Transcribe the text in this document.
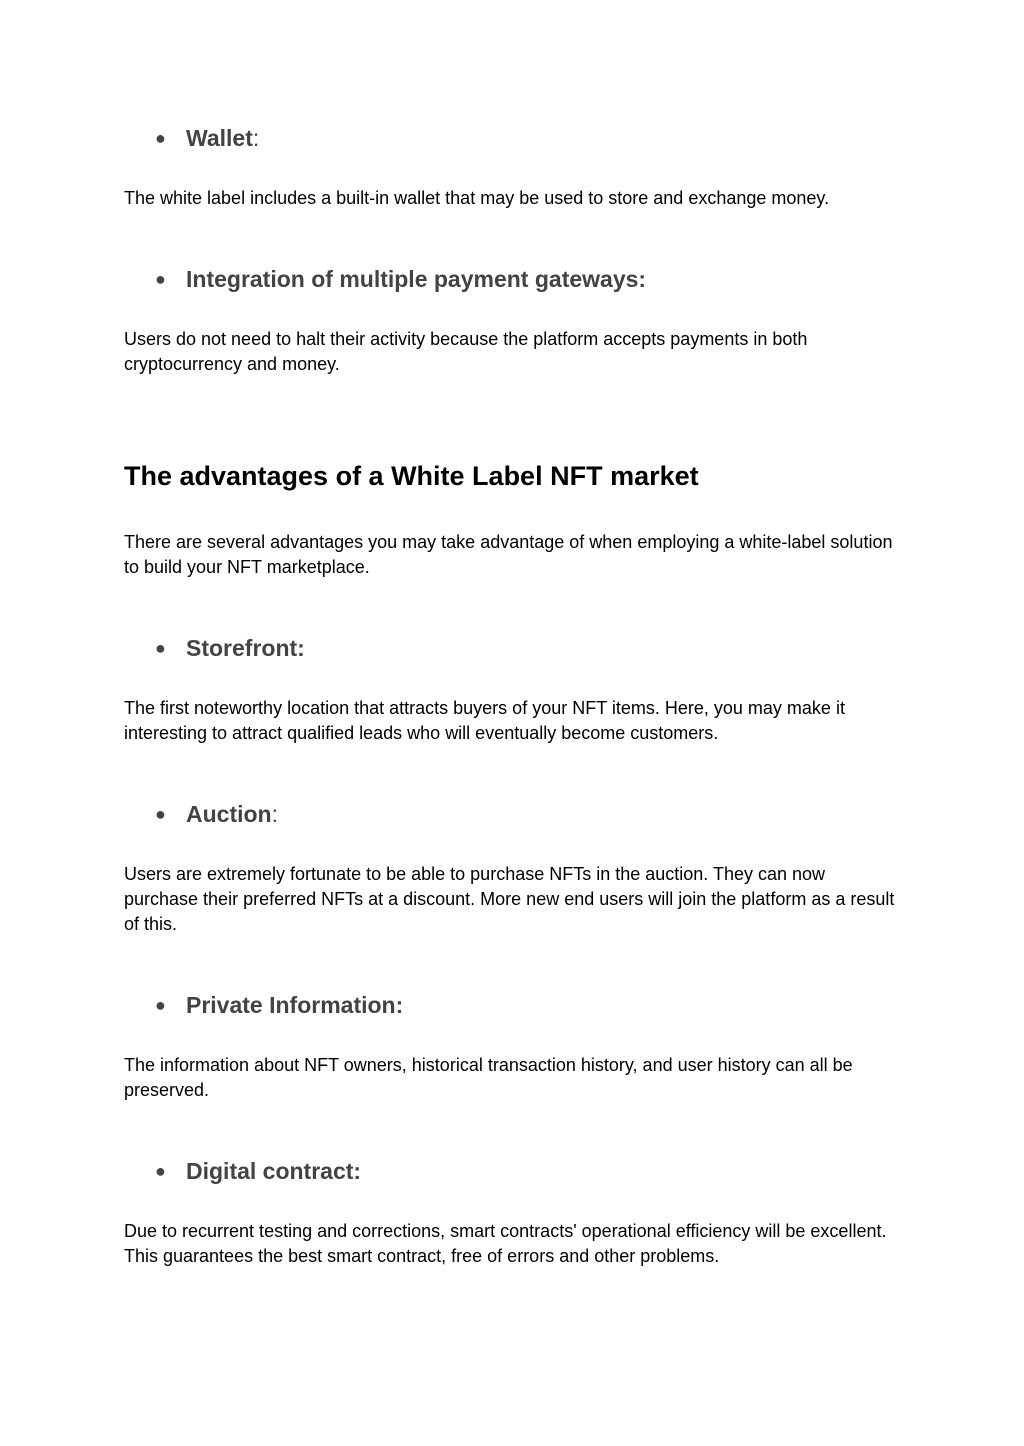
● Wallet:
The white label includes a built-in wallet that may be used to store and exchange money.
● Integration of multiple payment gateways:
Users do not need to halt their activity because the platform accepts payments in both cryptocurrency and money.
The advantages of a White Label NFT market
There are several advantages you may take advantage of when employing a white-label solution to build your NFT marketplace.
● Storefront:
The first noteworthy location that attracts buyers of your NFT items. Here, you may make it interesting to attract qualified leads who will eventually become customers.
● Auction:
Users are extremely fortunate to be able to purchase NFTs in the auction. They can now purchase their preferred NFTs at a discount. More new end users will join the platform as a result of this.
● Private Information:
The information about NFT owners, historical transaction history, and user history can all be preserved.
● Digital contract:
Due to recurrent testing and corrections, smart contracts' operational efficiency will be excellent. This guarantees the best smart contract, free of errors and other problems.
